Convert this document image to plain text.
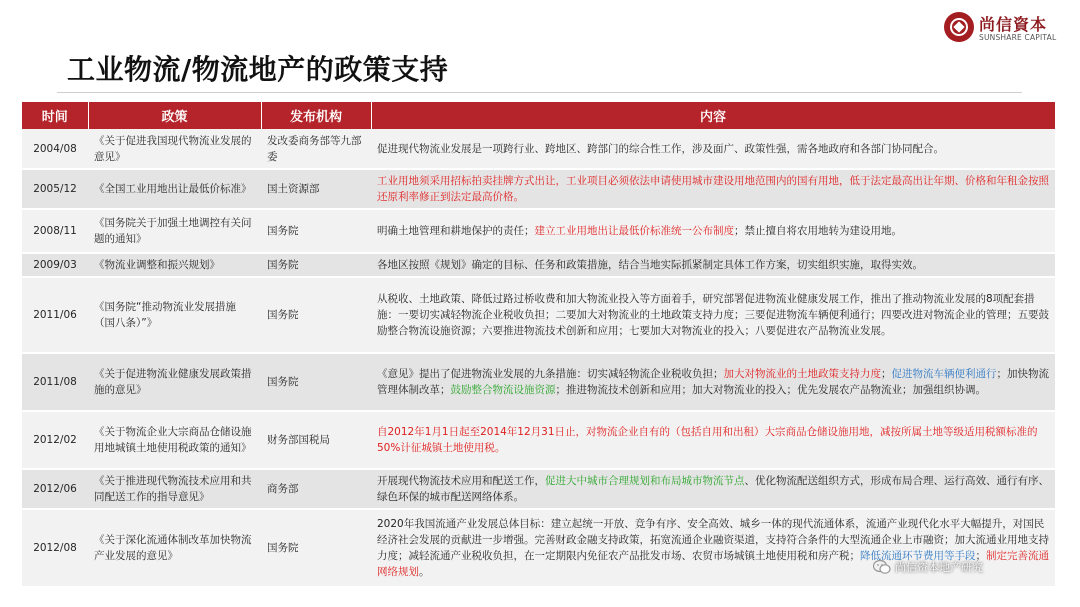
尚信資本
SUNSHARE CAPITAL
工业物流/物流地产的政策支持
时间	政策	发布机构	内容
2004/08	《关于促进我国现代物流业发展的意见》	发改委商务部等九部委	促进现代物流业发展是一项跨行业、跨地区、跨部门的综合性工作，涉及面广、政策性强，需各地政府和各部门协同配合。
2005/12	《全国工业用地出让最低价标准》	国土资源部	工业用地须采用招标拍卖挂牌方式出让，工业项目必须依法申请使用城市建设用地范围内的国有用地，低于法定最高出让年期、价格和年租金按照还原利率修正到法定最高价格。
2008/11	《国务院关于加强土地调控有关问题的通知》	国务院	明确土地管理和耕地保护的责任；建立工业用地出让最低价标准统一公布制度；禁止擅自将农用地转为建设用地。
2009/03	《物流业调整和振兴规划》	国务院	各地区按照《规划》确定的目标、任务和政策措施，结合当地实际抓紧制定具体工作方案，切实组织实施，取得实效。
2011/06	《国务院“推动物流业发展措施（国八条）”》	国务院	从税收、土地政策、降低过路过桥收费和加大物流业投入等方面着手，研究部署促进物流业健康发展工作，推出了推动物流业发展的8项配套措施：一要切实减轻物流企业税收负担；二要加大对物流业的土地政策支持力度；三要促进物流车辆便利通行；四要改进对物流企业的管理；五要鼓励整合物流设施资源；六要推进物流技术创新和应用；七要加大对物流业的投入；八要促进农产品物流业发展。
2011/08	《关于促进物流业健康发展政策措施的意见》	国务院	《意见》提出了促进物流业发展的九条措施：切实减轻物流企业税收负担；加大对物流业的土地政策支持力度；促进物流车辆便利通行；加快物流管理体制改革；鼓励整合物流设施资源；推进物流技术创新和应用；加大对物流业的投入；优先发展农产品物流业；加强组织协调。
2012/02	《关于物流企业大宗商品仓储设施用地城镇土地使用税政策的通知》	财务部国税局	自2012年1月1日起至2014年12月31日止，对物流企业自有的（包括自用和出租）大宗商品仓储设施用地，减按所属土地等级适用税额标准的50%计征城镇土地使用税。
2012/06	《关于推进现代物流技术应用和共同配送工作的指导意见》	商务部	开展现代物流技术应用和配送工作，促进大中城市合理规划和布局城市物流节点、优化物流配送组织方式，形成布局合理、运行高效、通行有序、绿色环保的城市配送网络体系。
2012/08	《关于深化流通体制改革加快物流产业发展的意见》	国务院	2020年我国流通产业发展总体目标：建立起统一开放、竞争有序、安全高效、城乡一体的现代流通体系，流通产业现代化水平大幅提升，对国民经济社会发展的贡献进一步增强。完善财政金融支持政策，拓宽流通企业融资渠道，支持符合条件的大型流通企业上市融资；加大流通业用地支持力度；减轻流通产业税收负担，在一定期限内免征农产品批发市场、农贸市场城镇土地使用税和房产税；降低流通环节费用等手段；制定完善流通网络规划。	尚信资本地产研究
